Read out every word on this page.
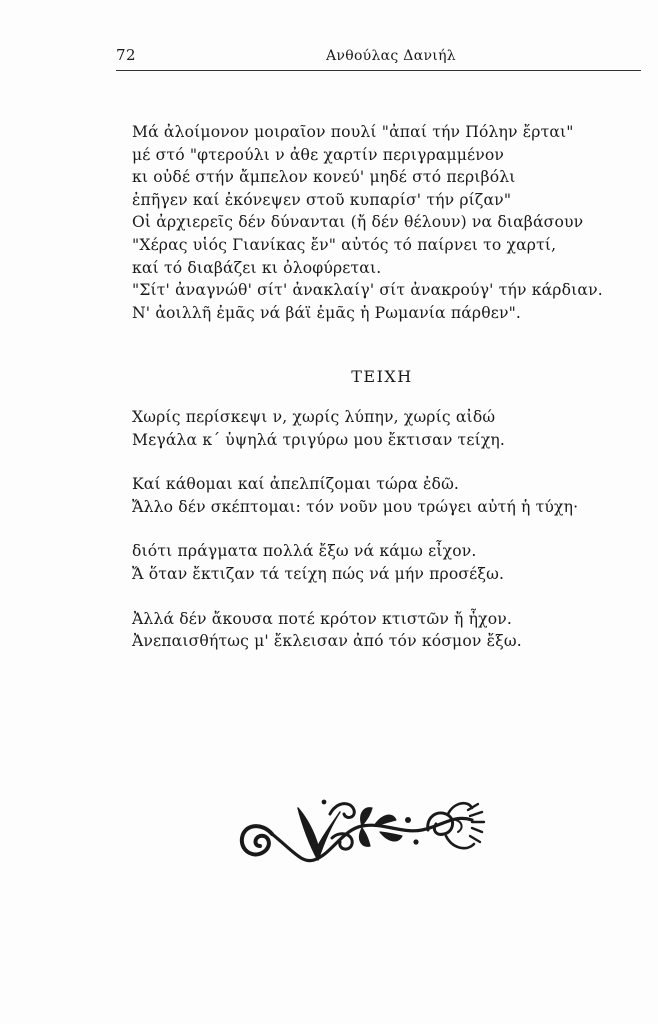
72	Ανθούλας Δανιήλ
Μά ἀλοίμονον μοιραῖον πουλί "ἀπαί τήν Πόλην ἔρται"
μέ στό "φτερούλι ν ἀθε χαρτίν περιγραμμένον
κι οὐδέ στήν ἄμπελον κονεύ' μηδέ στό περιβόλι
ἐπῆγεν καί ἐκόνεψεν στοῦ κυπαρίσ' τήν ρίζαν"
Οἱ ἀρχιερεῖς δέν δύνανται (ἤ δέν θέλουν) να διαβάσουν
"Χέρας υἱός Γιανίκας ἔν" αὐτός τό παίρνει το χαρτί,
καί τό διαβάζει κι ὀλοφύρεται.
"Σίτ' ἀναγνώθ' σίτ' ἀνακλαίγ' σίτ ἀνακρούγ' τήν κάρδιαν.
Ν' ἀοιλλῆ ἐμᾶς νά βάϊ ἐμᾶς ἡ Ρωμανία πάρθεν".
ΤΕΙΧΗ
Χωρίς περίσκεψι ν, χωρίς λύπην, χωρίς αἰδώ
Μεγάλα κ΄ ὑψηλά τριγύρω μου ἔκτισαν τείχη.
Καί κάθομαι καί ἀπελπίζομαι τώρα ἐδῶ.
Ἄλλο δέν σκέπτομαι: τόν νοῦν μου τρώγει αὐτή ἡ τύχη·
διότι πράγματα πολλά ἔξω νά κάμω εἶχον.
Ἄ ὅταν ἔκτιζαν τά τείχη πώς νά μήν προσέξω.
Ἀλλά δέν ἄκουσα ποτέ κρότον κτιστῶν ἤ ἦχον.
Ἀνεπαισθήτως μ' ἔκλεισαν ἀπό τόν κόσμον ἔξω.
